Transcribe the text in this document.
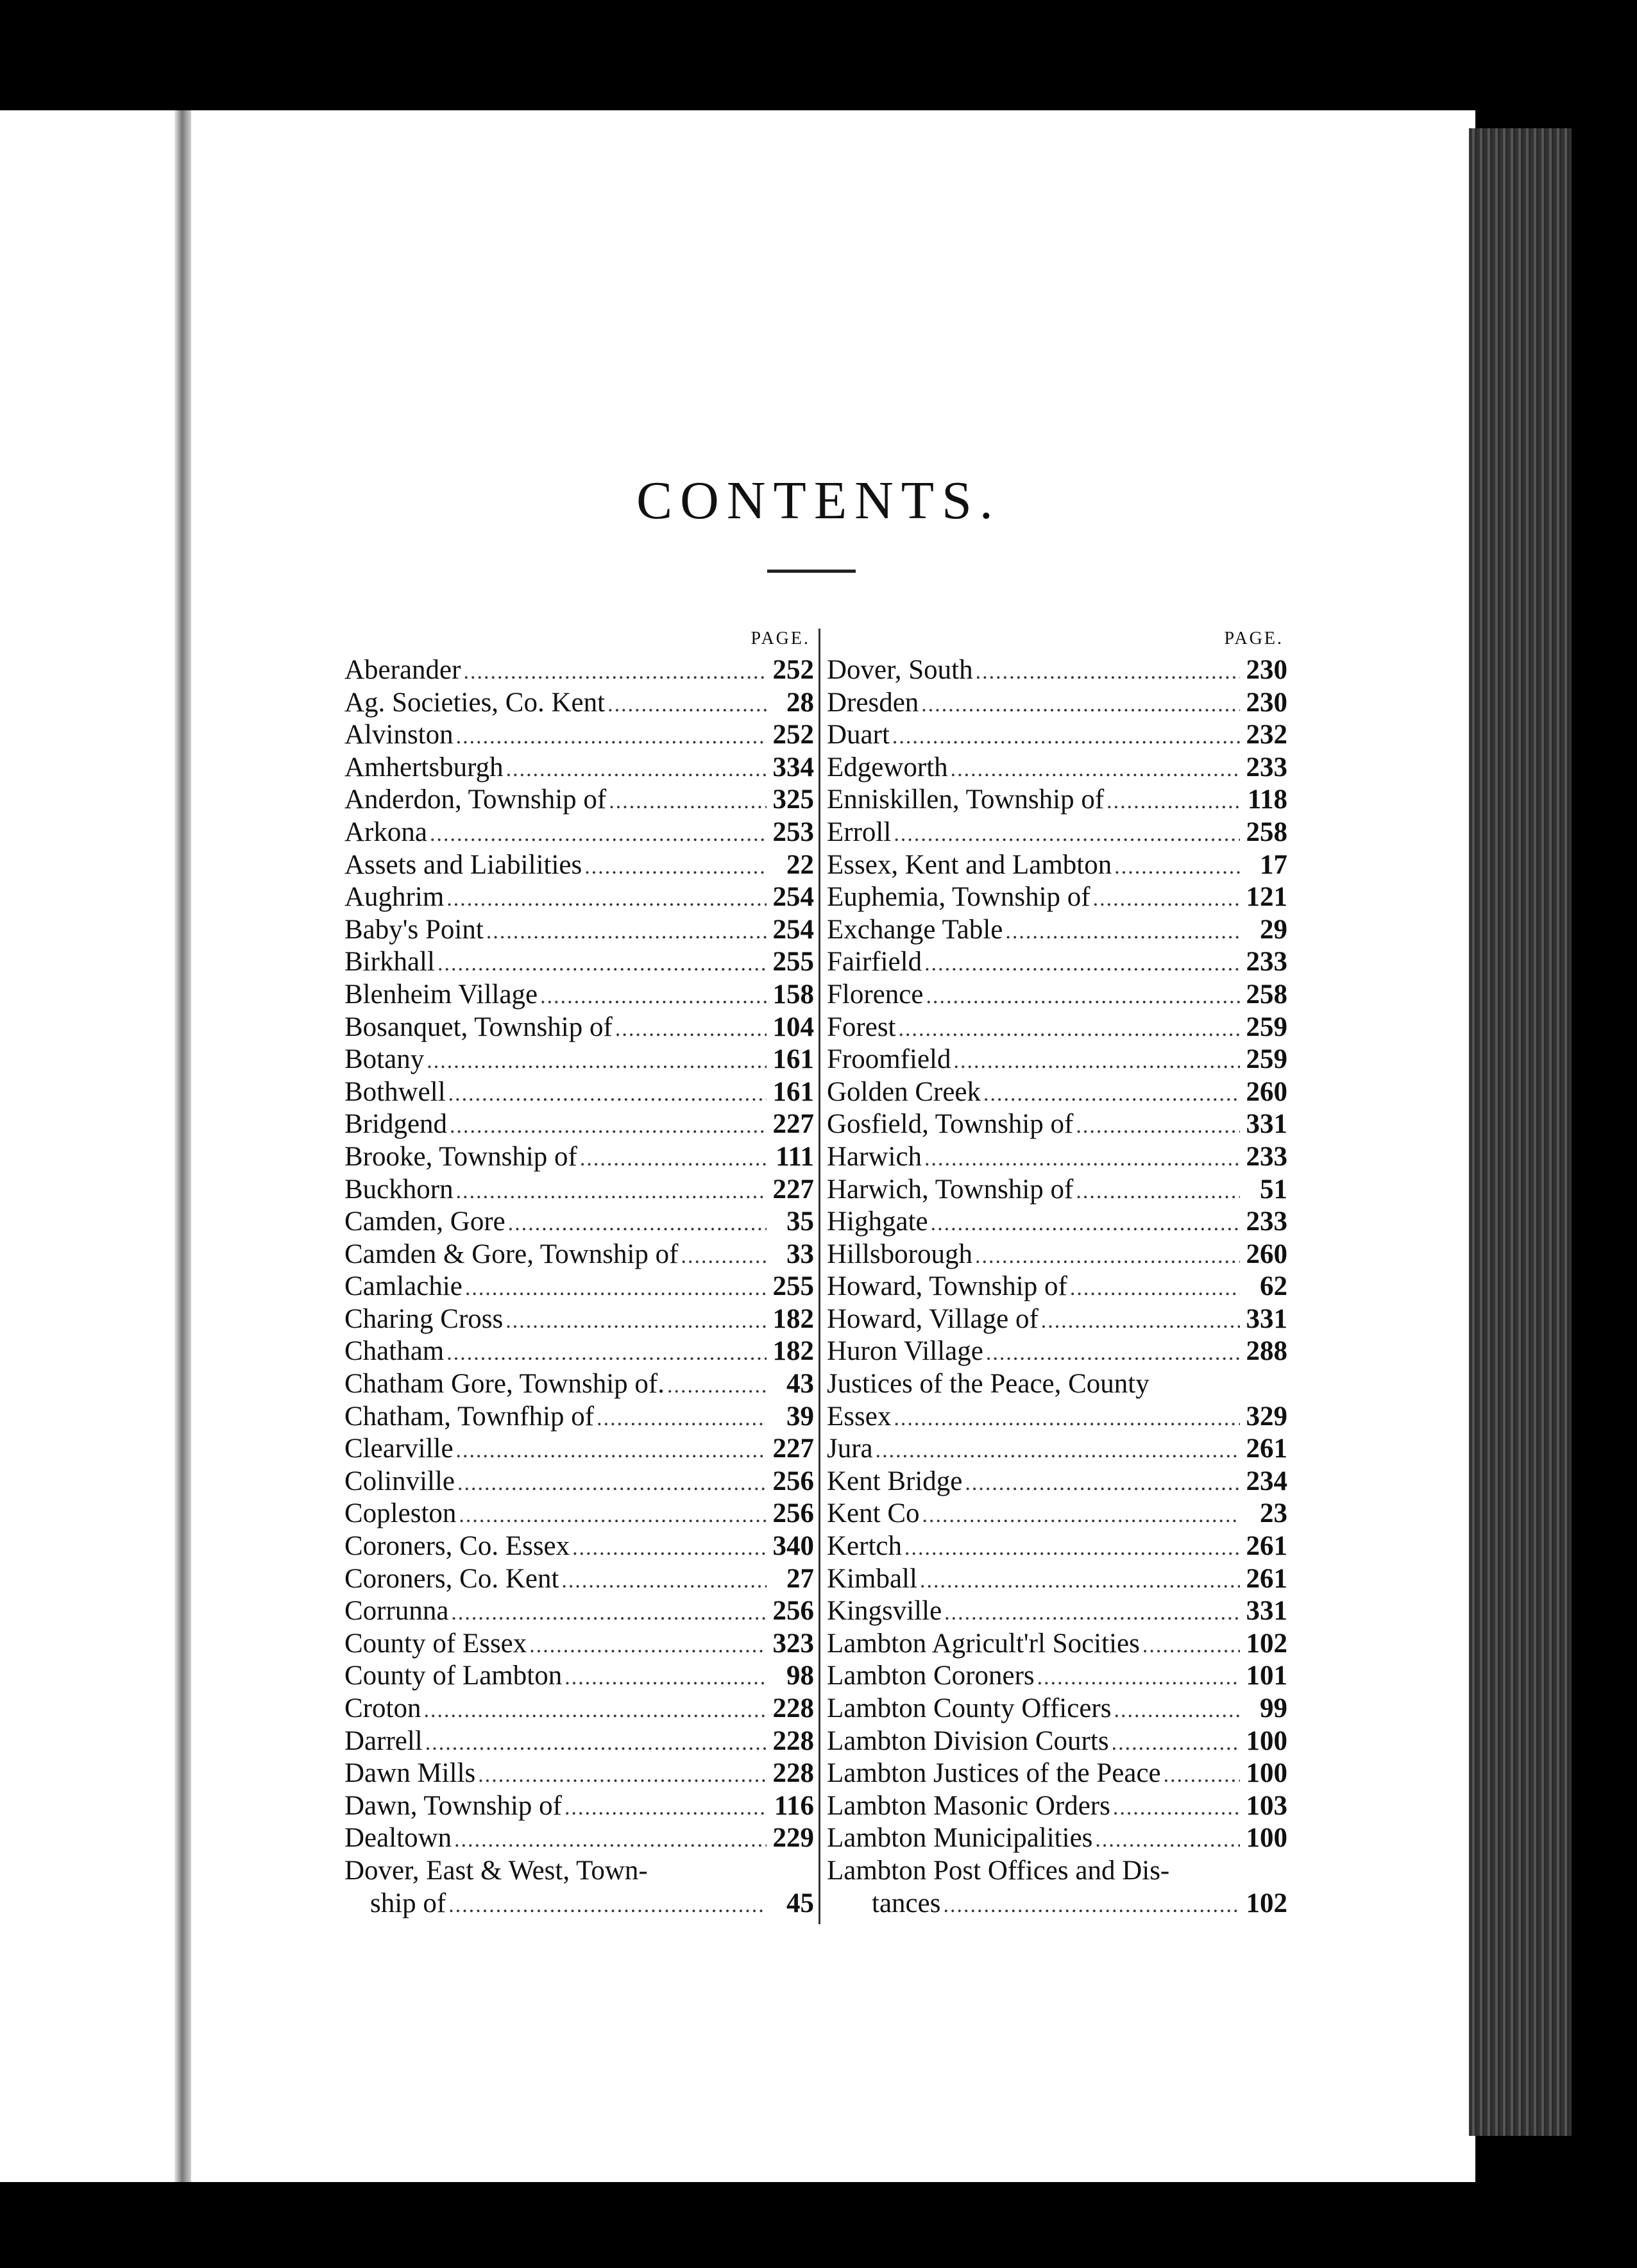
CONTENTS.
PAGE.
Aberander .....	252
Ag. Societies, Co. Kent .....	28
Alvinston .....	252
Amhertsburgh .....	334
Anderdon, Township of .....	325
Arkona .....	253
Assets and Liabilities .....	22
Aughrim .....	254
Baby's Point .....	254
Birkhall .....	255
Blenheim Village .....	158
Bosanquet, Township of .....	104
Botany .....	161
Bothwell .....	161
Bridgend .....	227
Brooke, Township of .....	111
Buckhorn .....	227
Camden, Gore .....	35
Camden & Gore, Township of .....	33
Camlachie .....	255
Charing Cross .....	182
Chatham .....	182
Chatham Gore, Township of. .....	43
Chatham, Townfhip of .....	39
Clearville .....	227
Colinville .....	256
Copleston .....	256
Coroners, Co. Essex .....	340
Coroners, Co. Kent .....	27
Corrunna .....	256
County of Essex .....	323
County of Lambton .....	98
Croton .....	228
Darrell .....	228
Dawn Mills .....	228
Dawn, Township of .....	116
Dealtown .....	229
Dover, East & West, Town-
ship of .....	45
PAGE.
Dover, South .....	230
Dresden .....	230
Duart .....	232
Edgeworth .....	233
Enniskillen, Township of .....	118
Erroll .....	258
Essex, Kent and Lambton .....	17
Euphemia, Township of .....	121
Exchange Table .....	29
Fairfield .....	233
Florence .....	258
Forest .....	259
Froomfield .....	259
Golden Creek .....	260
Gosfield, Township of .....	331
Harwich .....	233
Harwich, Township of .....	51
Highgate .....	233
Hillsborough .....	260
Howard, Township of .....	62
Howard, Village of .....	331
Huron Village .....	288
Justices of the Peace, County
Essex .....	329
Jura .....	261
Kent Bridge .....	234
Kent Co .....	23
Kertch .....	261
Kimball .....	261
Kingsville .....	331
Lambton Agricult'rl Socities .....	102
Lambton Coroners .....	101
Lambton County Officers .....	99
Lambton Division Courts .....	100
Lambton Justices of the Peace .....	100
Lambton Masonic Orders .....	103
Lambton Municipalities .....	100
Lambton Post Offices and Dis-
tances .....	102
